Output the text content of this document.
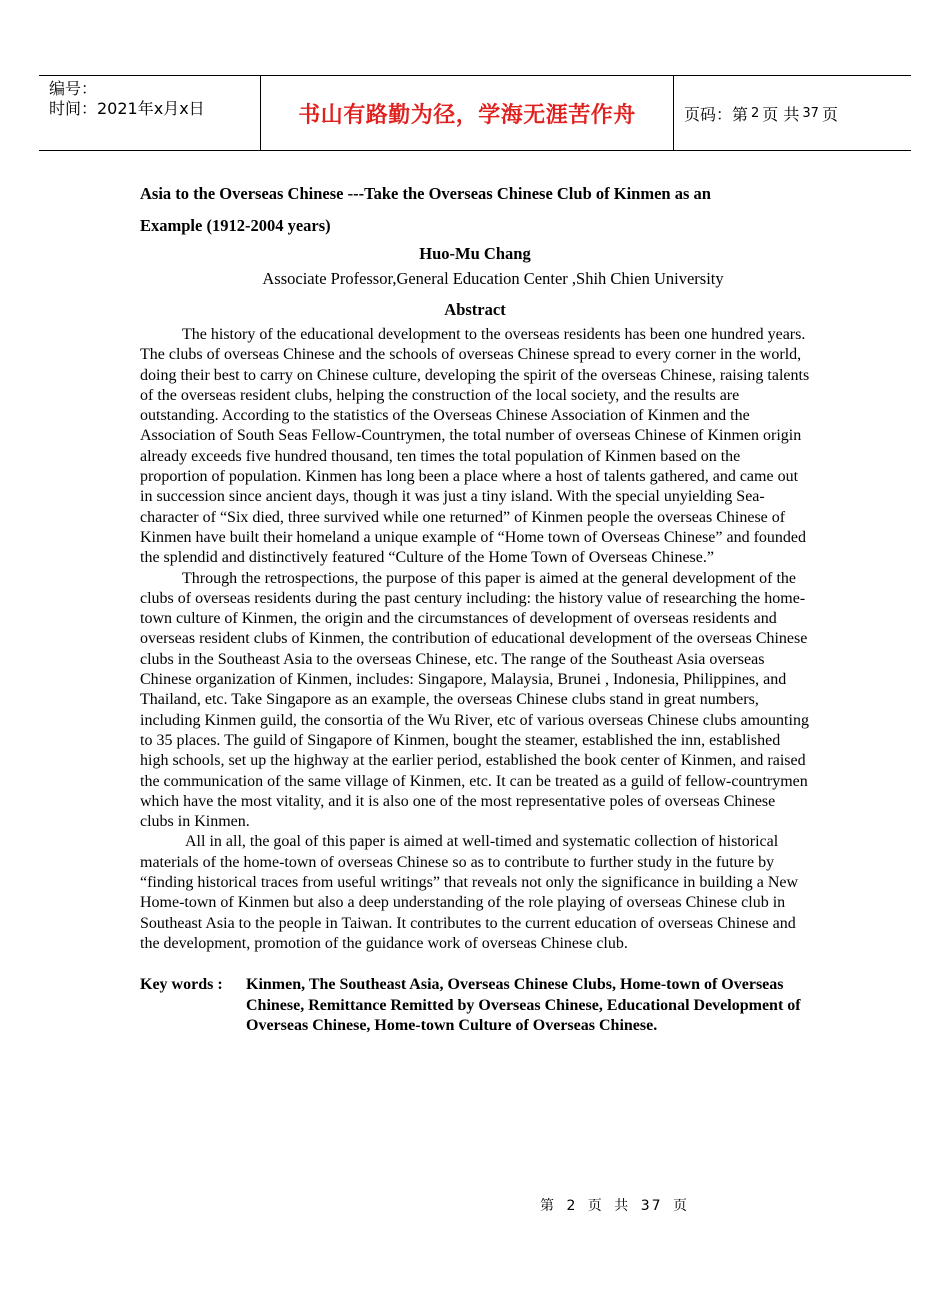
编号：
时间：2021年x月x日	书山有路勤为径，学海无涯苦作舟	页码：第 2 页 共 37 页
Asia to the Overseas Chinese ---Take the Overseas Chinese Club of Kinmen as an
Example (1912-2004 years)
Huo-Mu Chang
Associate Professor,General Education Center ,Shih Chien University
Abstract

The history of the educational development to the overseas residents has been one hundred years. The clubs of overseas Chinese and the schools of overseas Chinese spread to every corner in the world, doing their best to carry on Chinese culture, developing the spirit of the overseas Chinese, raising talents of the overseas resident clubs, helping the construction of the local society, and the results are outstanding. According to the statistics of the Overseas Chinese Association of Kinmen and the Association of South Seas Fellow-Countrymen, the total number of overseas Chinese of Kinmen origin already exceeds five hundred thousand, ten times the total population of Kinmen based on the proportion of population. Kinmen has long been a place where a host of talents gathered, and came out in succession since ancient days, though it was just a tiny island. With the special unyielding Sea-character of “Six died, three survived while one returned” of Kinmen people the overseas Chinese of Kinmen have built their homeland a unique example of “Home town of Overseas Chinese” and founded the splendid and distinctively featured “Culture of the Home Town of Overseas Chinese.”

Through the retrospections, the purpose of this paper is aimed at the general development of the clubs of overseas residents during the past century including: the history value of researching the home-town culture of Kinmen, the origin and the circumstances of development of overseas residents and overseas resident clubs of Kinmen, the contribution of educational development of the overseas Chinese clubs in the Southeast Asia to the overseas Chinese, etc. The range of the Southeast Asia overseas Chinese organization of Kinmen, includes: Singapore, Malaysia, Brunei , Indonesia, Philippines, and Thailand, etc. Take Singapore as an example, the overseas Chinese clubs stand in great numbers, including Kinmen guild, the consortia of the Wu River, etc of various overseas Chinese clubs amounting to 35 places. The guild of Singapore of Kinmen, bought the steamer, established the inn, established high schools, set up the highway at the earlier period, established the book center of Kinmen, and raised the communication of the same village of Kinmen, etc. It can be treated as a guild of fellow-countrymen which have the most vitality, and it is also one of the most representative poles of overseas Chinese clubs in Kinmen.

All in all, the goal of this paper is aimed at well-timed and systematic collection of historical materials of the home-town of overseas Chinese so as to contribute to further study in the future by “finding historical traces from useful writings” that reveals not only the significance in building a New Home-town of Kinmen but also a deep understanding of the role playing of overseas Chinese club in Southeast Asia to the people in Taiwan. It contributes to the current education of overseas Chinese and the development, promotion of the guidance work of overseas Chinese club.

Key words :	Kinmen, The Southeast Asia, Overseas Chinese Clubs, Home-town of Overseas Chinese, Remittance Remitted by Overseas Chinese, Educational Development of Overseas Chinese, Home-town Culture of Overseas Chinese.
第 2 页 共 37 页
